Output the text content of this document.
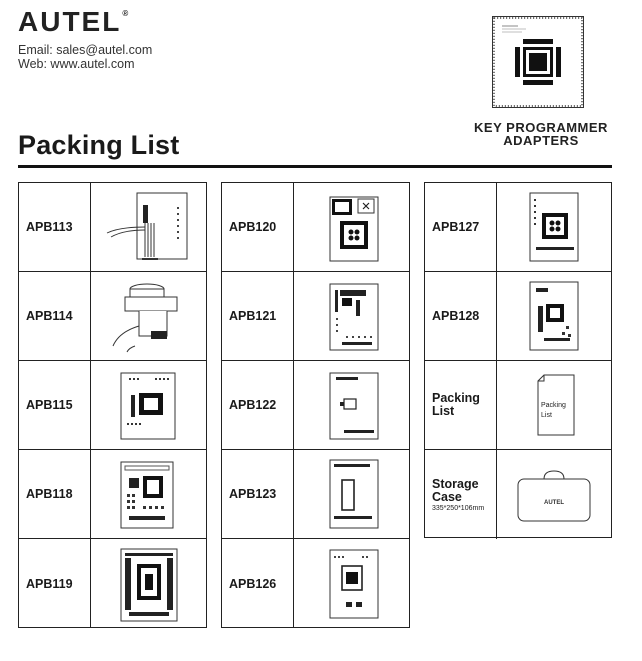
AUTEL®
Email: sales@autel.com
Web: www.autel.com
KEY PROGRAMMER
ADAPTERS
Packing List
APB113
APB114
APB115
APB118
APB119
APB120
APB121
APB122
APB123
APB126
APB127
APB128
Packing
List	Packing
List
Storage
Case
335*250*106mm
AUTEL
